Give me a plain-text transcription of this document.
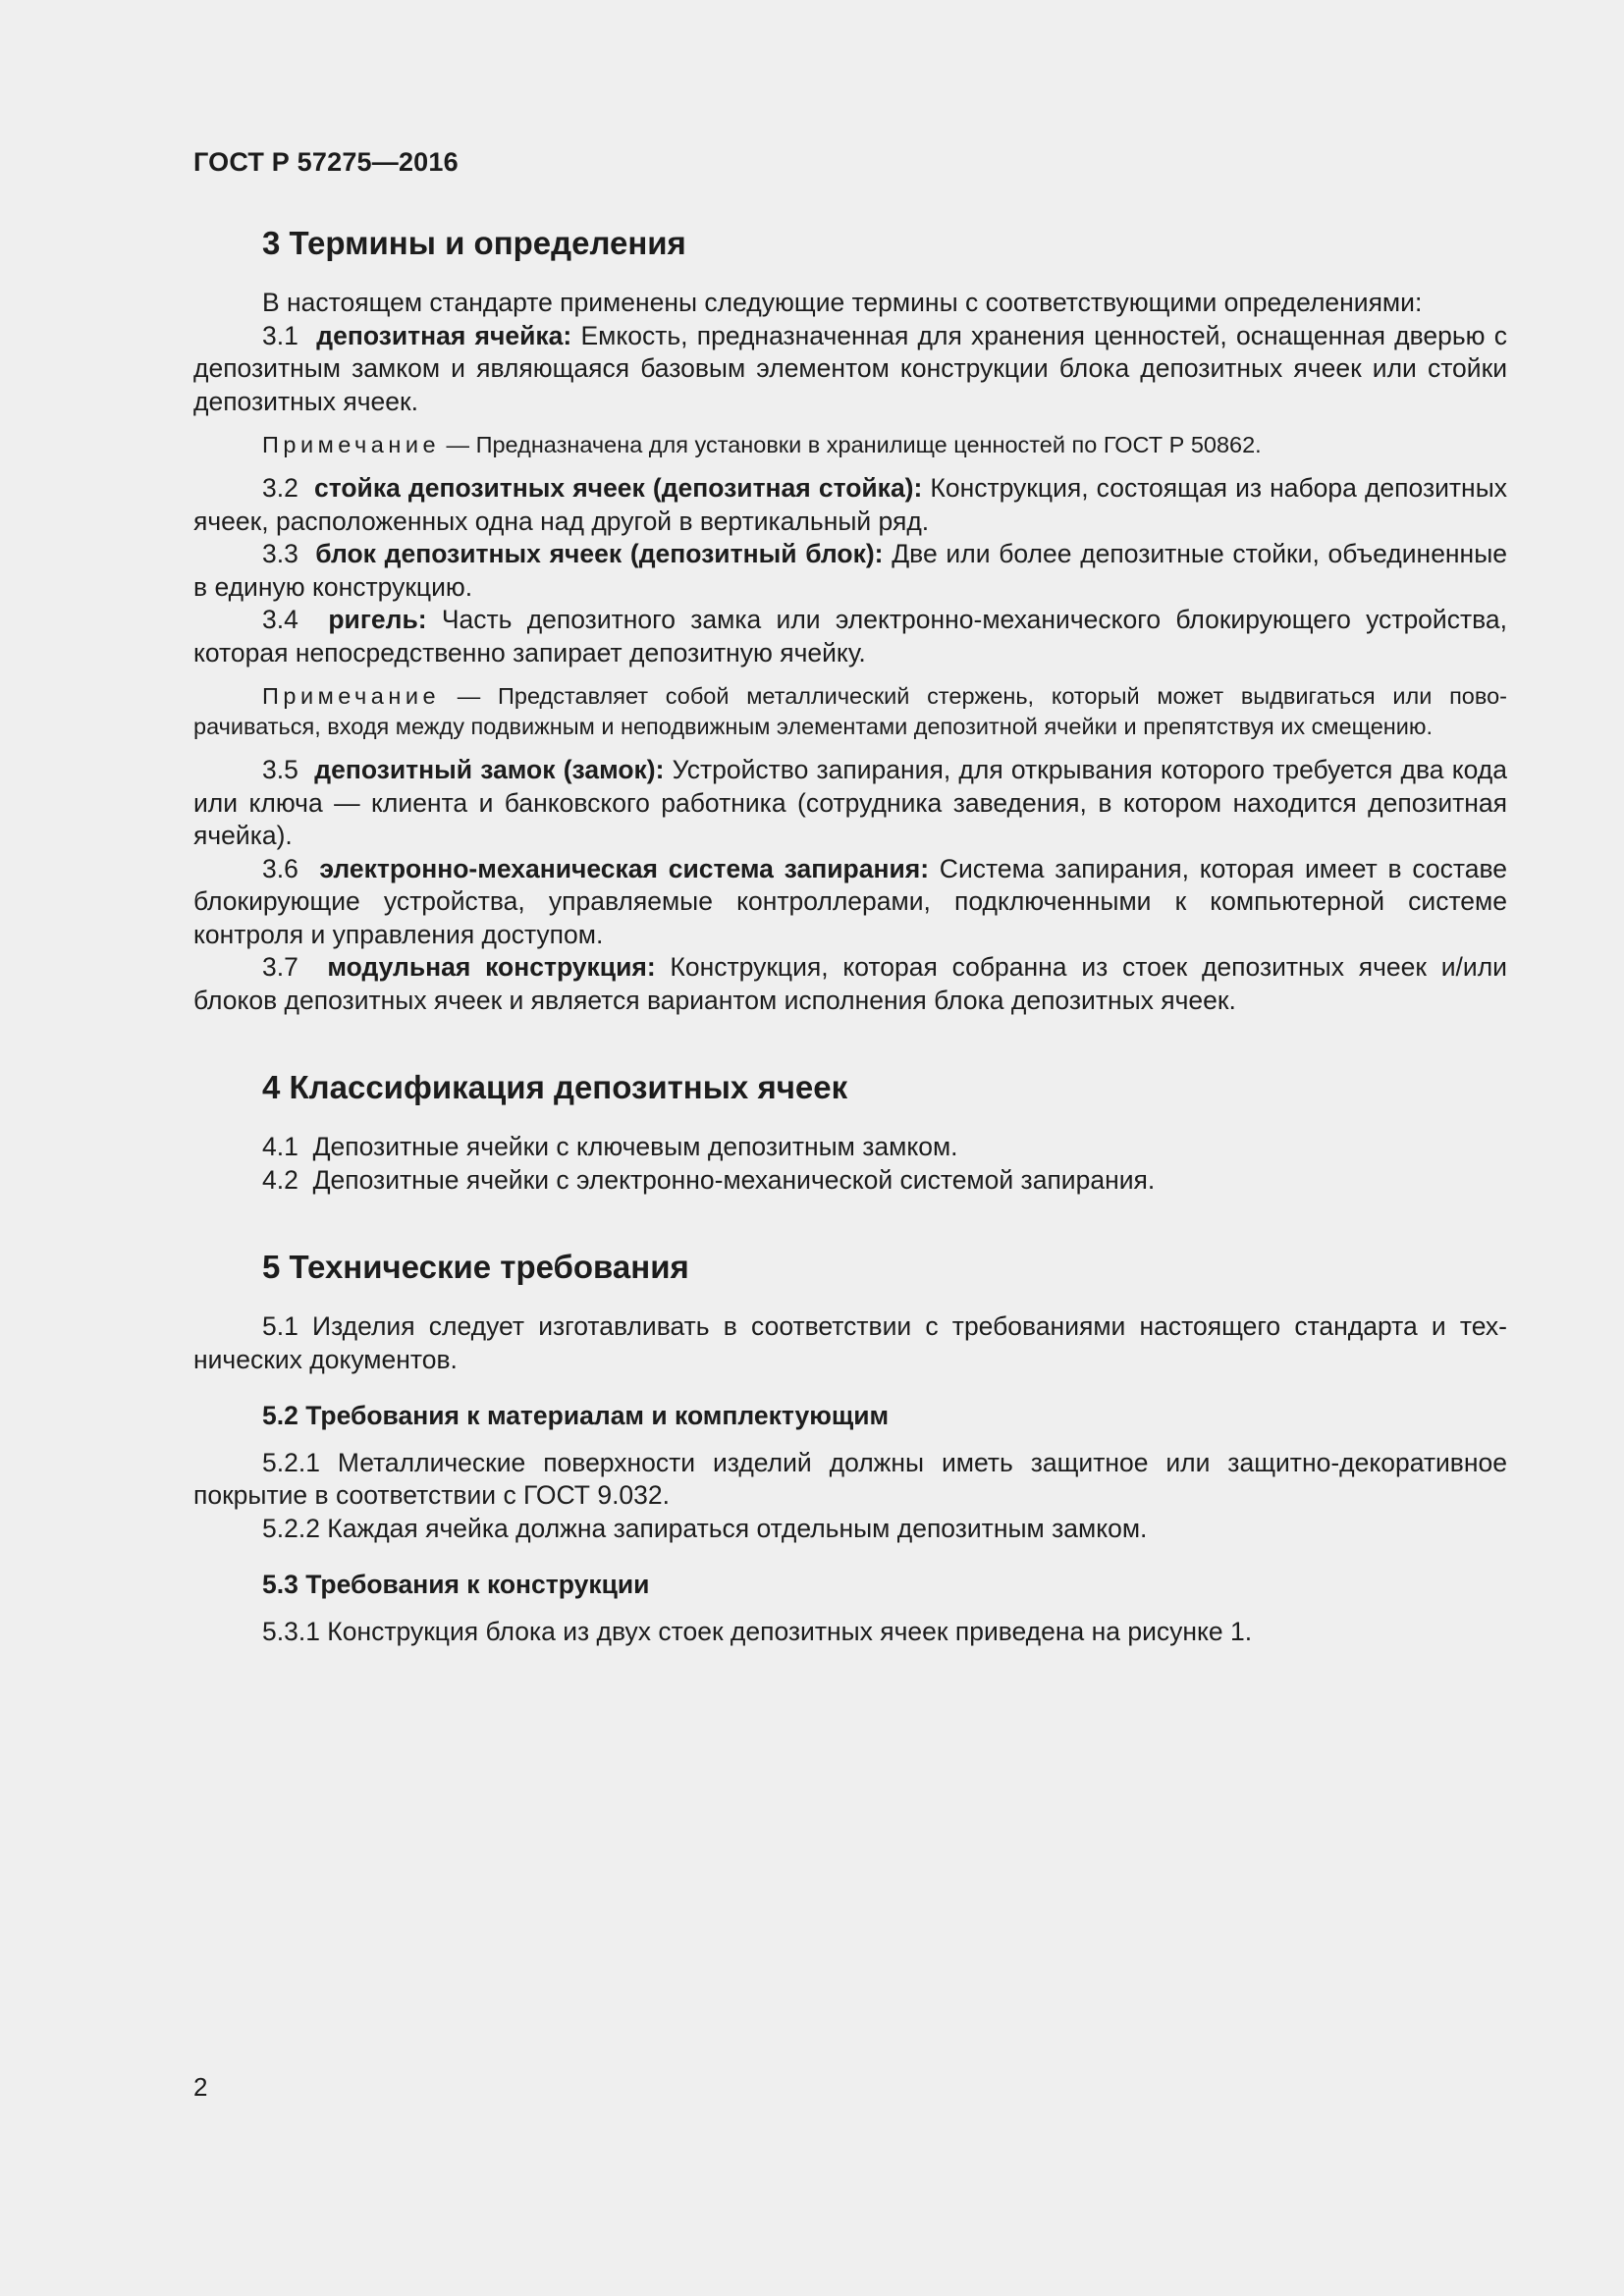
ГОСТ Р 57275—2016
3 Термины и определения

В настоящем стандарте применены следующие термины с соответствующими определениями:

3.1  депозитная ячейка: Емкость, предназначенная для хранения ценностей, оснащенная дверью с депозитным замком и являющаяся базовым элементом конструкции блока депозитных ячеек или стойки депозитных ячеек.

Примечание — Предназначена для установки в хранилище ценностей по ГОСТ Р 50862.

3.2  стойка депозитных ячеек (депозитная стойка): Конструкция, состоящая из набора депозитных ячеек, расположенных одна над другой в вертикальный ряд.

3.3  блок депозитных ячеек (депозитный блок): Две или более депозитные стойки, объединенные в единую конструкцию.

3.4  ригель: Часть депозитного замка или электронно-механического блокирующего устройства, которая непосредственно запирает депозитную ячейку.

Примечание — Представляет собой металлический стержень, который может выдвигаться или поворачиваться, входя между подвижным и неподвижным элементами депозитной ячейки и препятствуя их смещению.

3.5  депозитный замок (замок): Устройство запирания, для открывания которого требуется два кода или ключа — клиента и банковского работника (сотрудника заведения, в котором находится депозитная ячейка).

3.6  электронно-механическая система запирания: Система запирания, которая имеет в составе блокирующие устройства, управляемые контроллерами, подключенными к компьютерной системе контроля и управления доступом.

3.7  модульная конструкция: Конструкция, которая собранна из стоек депозитных ячеек и/или блоков депозитных ячеек и является вариантом исполнения блока депозитных ячеек.

4 Классификация депозитных ячеек

4.1  Депозитные ячейки с ключевым депозитным замком.

4.2  Депозитные ячейки с электронно-механической системой запирания.

5 Технические требования

5.1 Изделия следует изготавливать в соответствии с требованиями настоящего стандарта и технических документов.

5.2 Требования к материалам и комплектующим

5.2.1 Металлические поверхности изделий должны иметь защитное или защитно-декоративное покрытие в соответствии с ГОСТ 9.032.

5.2.2 Каждая ячейка должна запираться отдельным депозитным замком.

5.3 Требования к конструкции

5.3.1 Конструкция блока из двух стоек депозитных ячеек приведена на рисунке 1.

2
